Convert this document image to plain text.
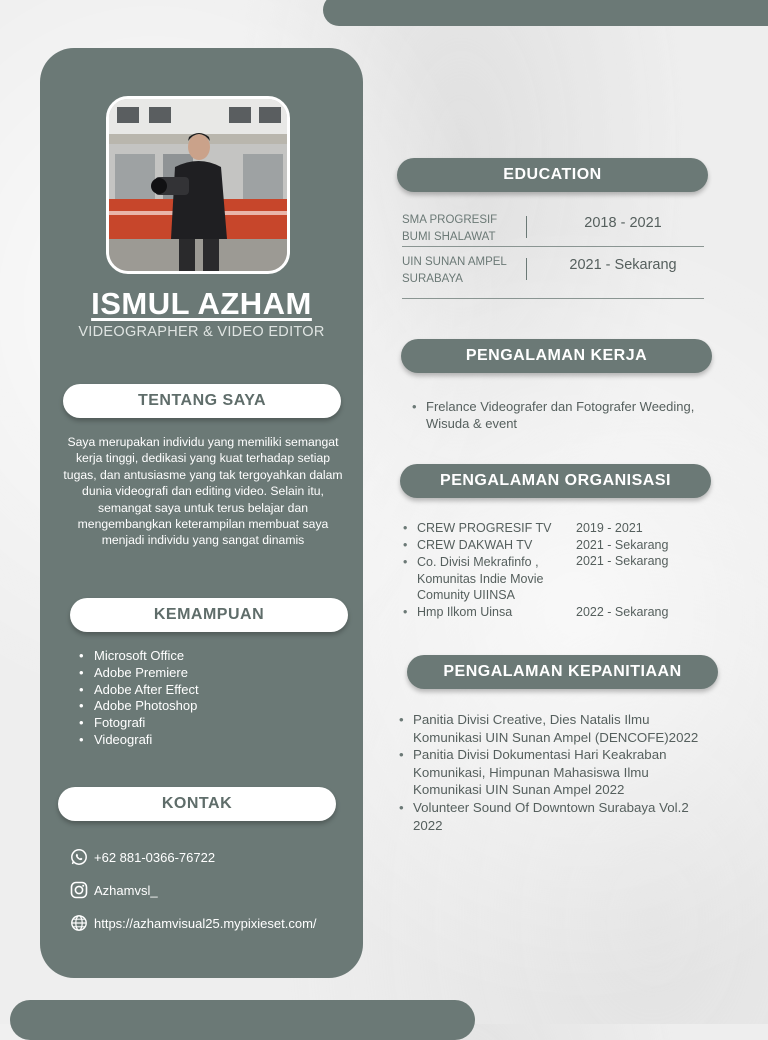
ISMUL AZHAM
VIDEOGRAPHER & VIDEO EDITOR
TENTANG SAYA
Saya merupakan individu yang memiliki semangat kerja tinggi, dedikasi yang kuat terhadap setiap tugas, dan antusiasme yang tak tergoyahkan dalam dunia videografi dan editing video. Selain itu, semangat saya untuk terus belajar dan mengembangkan keterampilan membuat saya menjadi individu yang sangat dinamis
KEMAMPUAN
• Microsoft Office
• Adobe Premiere
• Adobe After Effect
• Adobe Photoshop
• Fotografi
• Videografi
KONTAK
+62 881-0366-76722
Azhamvsl_
https://azhamvisual25.mypixieset.com/
EDUCATION
SMA PROGRESIF
BUMI SHALAWAT
2018 - 2021
UIN SUNAN AMPEL
SURABAYA
2021 - Sekarang
PENGALAMAN KERJA
• Frelance Videografer dan Fotografer Weeding, Wisuda & event
PENGALAMAN ORGANISASI
CREW PROGRESIF TV	2019 - 2021
CREW DAKWAH TV	2021 - Sekarang
Co. Divisi Mekrafinfo , Komunitas Indie Movie Comunity UIINSA
2021 - Sekarang
Hmp Ilkom Uinsa	2022 - Sekarang
PENGALAMAN KEPANITIAAN
• Panitia Divisi Creative, Dies Natalis Ilmu Komunikasi UIN Sunan Ampel (DENCOFE)2022
• Panitia Divisi Dokumentasi Hari Keakraban Komunikasi, Himpunan Mahasiswa Ilmu Komunikasi UIN Sunan Ampel 2022
• Volunteer Sound Of Downtown Surabaya Vol.2 2022
